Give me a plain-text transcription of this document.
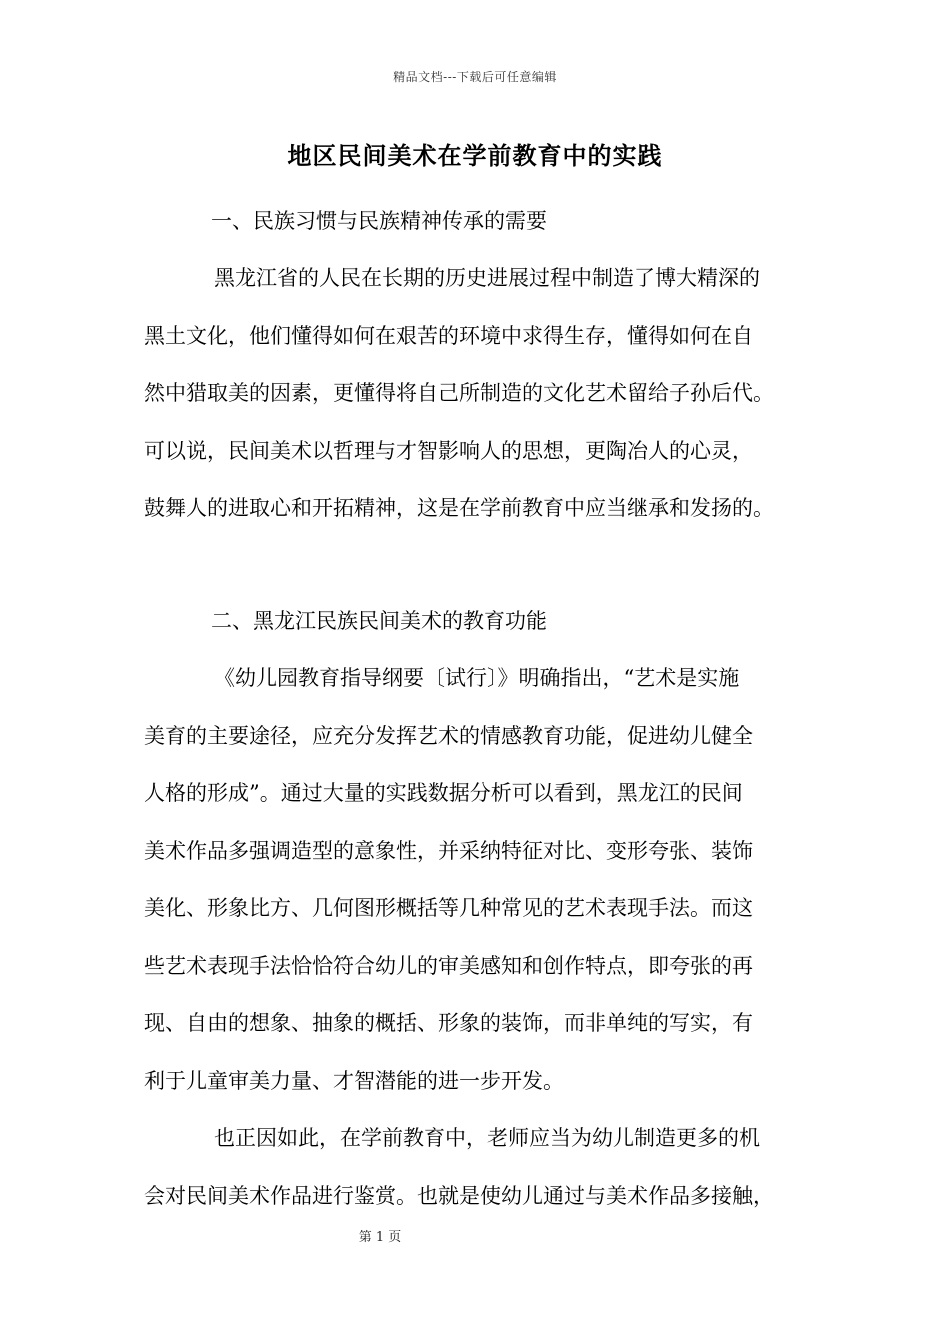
精品文档---下载后可任意编辑
地区民间美术在学前教育中的实践
一、民族习惯与民族精神传承的需要
黑龙江省的人民在长期的历史进展过程中制造了博大精深的
黑土文化，他们懂得如何在艰苦的环境中求得生存，懂得如何在自
然中猎取美的因素，更懂得将自己所制造的文化艺术留给子孙后代。
可以说，民间美术以哲理与才智影响人的思想，更陶冶人的心灵，
鼓舞人的进取心和开拓精神，这是在学前教育中应当继承和发扬的。
二、黑龙江民族民间美术的教育功能
《幼儿园教育指导纲要〔试行〕》明确指出，“艺术是实施
美育的主要途径，应充分发挥艺术的情感教育功能，促进幼儿健全
人格的形成”。通过大量的实践数据分析可以看到，黑龙江的民间
美术作品多强调造型的意象性，并采纳特征对比、变形夸张、装饰
美化、形象比方、几何图形概括等几种常见的艺术表现手法。而这
些艺术表现手法恰恰符合幼儿的审美感知和创作特点，即夸张的再
现、自由的想象、抽象的概括、形象的装饰，而非单纯的写实，有
利于儿童审美力量、才智潜能的进一步开发。
也正因如此，在学前教育中，老师应当为幼儿制造更多的机
会对民间美术作品进行鉴赏。也就是使幼儿通过与美术作品多接触，
第 1 页
